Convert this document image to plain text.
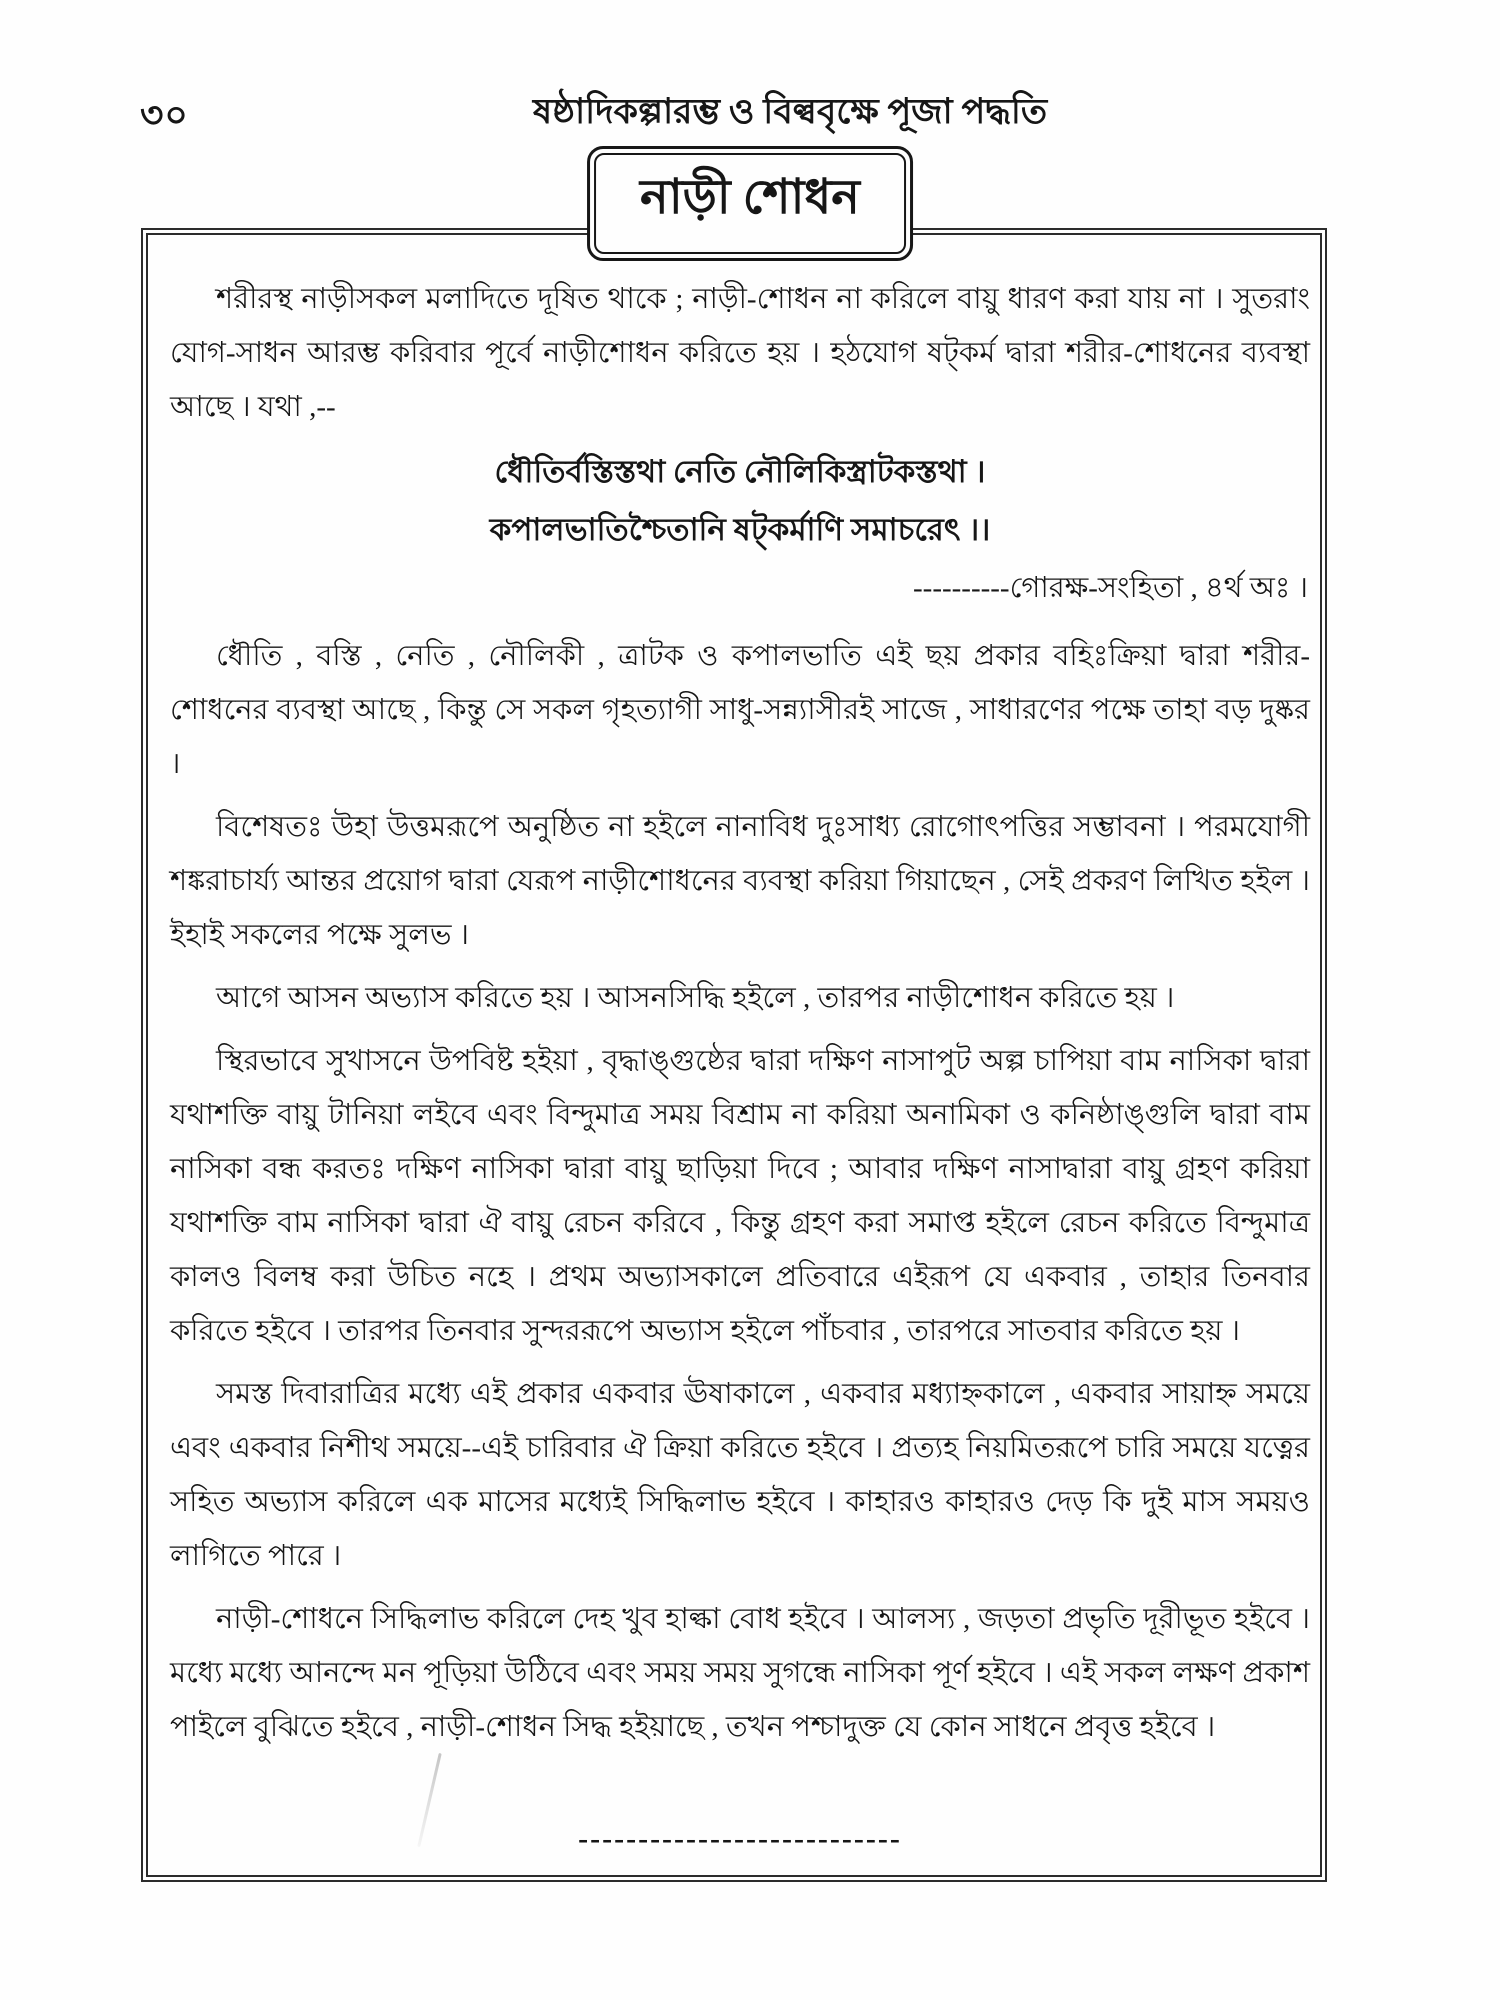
৩০	ষষ্ঠাদিকল্পারম্ভ ও বিল্ববৃক্ষে পূজা পদ্ধতি
নাড়ী শোধন

শরীরস্থ নাড়ীসকল মলাদিতে দূষিত থাকে ; নাড়ী-শোধন না করিলে বায়ু ধারণ করা যায় না । সুতরাং যোগ-সাধন আরম্ভ করিবার পূর্বে নাড়ীশোধন করিতে হয় । হঠযোগ ষট্‌কর্ম দ্বারা শরীর-শোধনের ব্যবস্থা আছে । যথা ,--

ধৌতির্বস্তিস্তথা নেতি নৌলিকিস্ত্রাটকস্তথা ।
কপালভাতিশ্চৈতানি ষট্‌কর্মাণি সমাচরেৎ ।।
----------গোরক্ষ-সংহিতা , ৪র্থ অঃ ।

ধৌতি , বস্তি , নেতি , নৌলিকী , ত্রাটক ও কপালভাতি এই ছয় প্রকার বহিঃক্রিয়া দ্বারা শরীর-শোধনের ব্যবস্থা আছে , কিন্তু সে সকল গৃহত্যাগী সাধু-সন্ন্যাসীরই সাজে , সাধারণের পক্ষে তাহা বড় দুষ্কর ।

বিশেষতঃ উহা উত্তমরূপে অনুষ্ঠিত না হইলে নানাবিধ দুঃসাধ্য রোগোৎপত্তির সম্ভাবনা । পরমযোগী শঙ্করাচার্য্য আন্তর প্রয়োগ দ্বারা যেরূপ নাড়ীশোধনের ব্যবস্থা করিয়া গিয়াছেন , সেই প্রকরণ লিখিত হইল । ইহাই সকলের পক্ষে সুলভ ।

আগে আসন অভ্যাস করিতে হয় । আসনসিদ্ধি হইলে , তারপর নাড়ীশোধন করিতে হয় ।

স্থিরভাবে সুখাসনে উপবিষ্ট হইয়া , বৃদ্ধাঙ্গুষ্ঠের দ্বারা দক্ষিণ নাসাপুট অল্প চাপিয়া বাম নাসিকা দ্বারা যথাশক্তি বায়ু টানিয়া লইবে এবং বিন্দুমাত্র সময় বিশ্রাম না করিয়া অনামিকা ও কনিষ্ঠাঙ্গুলি দ্বারা বাম নাসিকা বন্ধ করতঃ দক্ষিণ নাসিকা দ্বারা বায়ু ছাড়িয়া দিবে ; আবার দক্ষিণ নাসাদ্বারা বায়ু গ্রহণ করিয়া যথাশক্তি বাম নাসিকা দ্বারা ঐ বায়ু রেচন করিবে , কিন্তু গ্রহণ করা সমাপ্ত হইলে রেচন করিতে বিন্দুমাত্র কালও বিলম্ব করা উচিত নহে । প্রথম অভ্যাসকালে প্রতিবারে এইরূপ যে একবার , তাহার তিনবার করিতে হইবে । তারপর তিনবার সুন্দররূপে অভ্যাস হইলে পাঁচবার , তারপরে সাতবার করিতে হয় ।

সমস্ত দিবারাত্রির মধ্যে এই প্রকার একবার ঊষাকালে , একবার মধ্যাহ্নকালে , একবার সায়াহ্ন সময়ে এবং একবার নিশীথ সময়ে--এই চারিবার ঐ ক্রিয়া করিতে হইবে । প্রত্যহ নিয়মিতরূপে চারি সময়ে যত্নের সহিত অভ্যাস করিলে এক মাসের মধ্যেই সিদ্ধিলাভ হইবে । কাহারও কাহারও দেড় কি দুই মাস সময়ও লাগিতে পারে ।

নাড়ী-শোধনে সিদ্ধিলাভ করিলে দেহ খুব হাল্কা বোধ হইবে । আলস্য , জড়তা প্রভৃতি দূরীভূত হইবে । মধ্যে মধ্যে আনন্দে মন পূড়িয়া উঠিবে এবং সময় সময় সুগন্ধে নাসিকা পূর্ণ হইবে । এই সকল লক্ষণ প্রকাশ পাইলে বুঝিতে হইবে , নাড়ী-শোধন সিদ্ধ হইয়াছে , তখন পশ্চাদুক্ত যে কোন সাধনে প্রবৃত্ত হইবে ।

---------------------------
